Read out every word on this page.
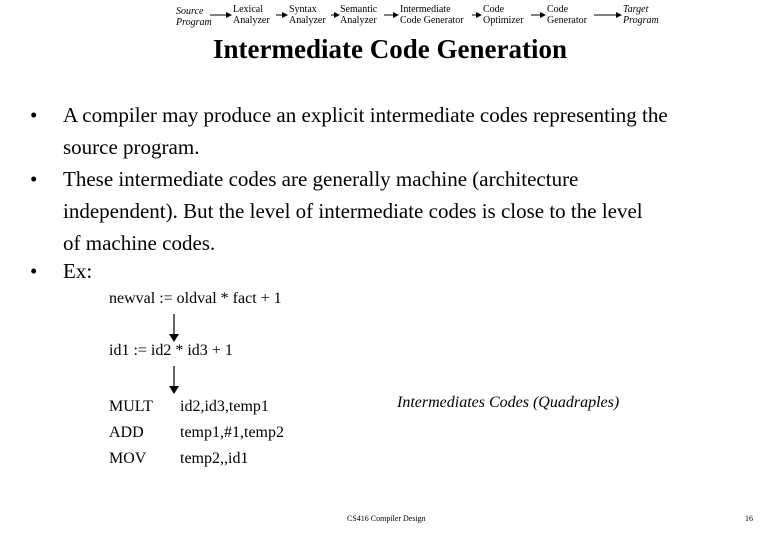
Source
Program
Lexical
Analyzer
Syntax
Analyzer
Semantic
Analyzer
Intermediate
Code Generator
Code
Optimizer
Code
Generator
Target
Program
Intermediate Code Generation
• A compiler may produce an explicit intermediate codes representing the
source program.
• These intermediate codes are generally machine (architecture
independent). But the level of intermediate codes is close to the level
of machine codes.
• Ex:
newval := oldval * fact + 1
id1 := id2 * id3 + 1
MULT
ADD
MOV
id2,id3,temp1
temp1,#1,temp2
temp2,,id1
Intermediates Codes (Quadraples)
CS416 Compiler Design	16
